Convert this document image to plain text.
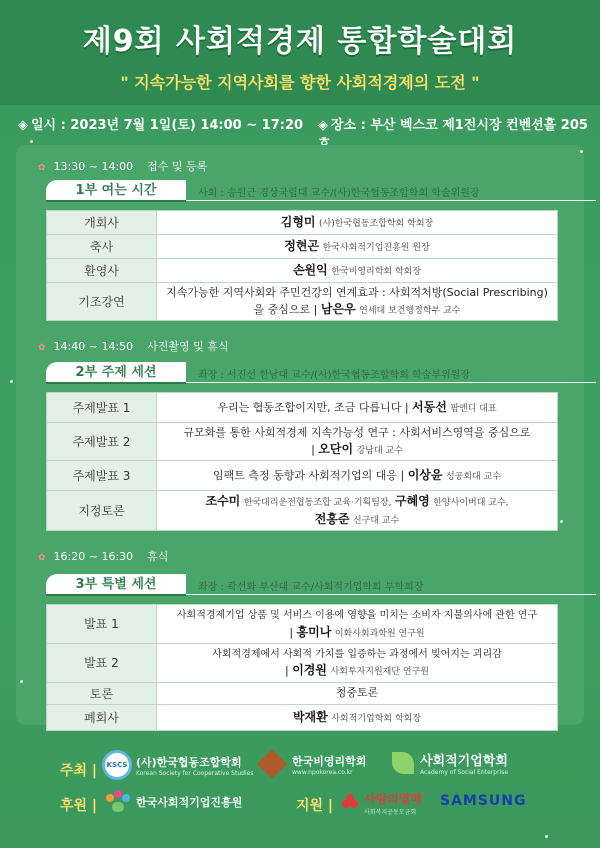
제9회 사회적경제 통합학술대회
" 지속가능한 지역사회를 향한 사회적경제의 도전 "
◈ 일시 : 2023년 7월 1일(토) 14:00 ~ 17:20 ◈ 장소 : 부산 벡스코 제1전시장 컨벤션홀 205
✿ 13:30 ~ 14:00 접수 및 등록
1부 여는 시간	사회 : 송원근 경상국립대 교수/(사)한국협동조합학회 학술위원장
개회사	김형미 (사)한국협동조합학회 학회장
축사	정현곤 한국사회적기업진흥원 원장
환영사	손원익 한국비영리학회 학회장
기조강연	지속가능한 지역사회와 주민건강의 연계효과 : 사회적처방(Social Prescribing)
을 중심으로 | 남은우 연세대 보건행정학부 교수
✿ 14:40 ~ 14:50 사진촬영 및 휴식
2부 주제 세션	좌장 : 서진선 한남대 교수/(사)한국협동조합학회 학술부위원장
주제발표 1	우리는 협동조합이지만, 조금 다릅니다 | 서동선 팜앤디 대표
주제발표 2	규모화를 통한 사회적경제 지속가능성 연구 : 사회서비스영역을 중심으로
| 오단이 강남대 교수
주제발표 3	임팩트 측정 동향과 사회적기업의 대응 | 이상윤 성공회대 교수
지정토론	조수미 한국대리운전협동조합 교육·기획팀장, 구혜영 한양사이버대 교수,
전홍준 신구대 교수
✿ 16:20 ~ 16:30 휴식
3부 특별 세션	좌장 : 곽선화 부산대 교수/사회적기업학회 부학회장
발표 1	사회적경제기업 상품 및 서비스 이용에 영향을 미치는 소비자 지불의사에 관한 연구
| 홍미나 이화사회과학원 연구원
발표 2	사회적경제에서 사회적 가치를 입증하는 과정에서 빚어지는 괴리감
| 이경원 사회투자지원재단 연구원
토론	청중토론
폐회사	박재환 사회적기업학회 학회장
주최 | KSCS (사)한국협동조합학회
Korean Society for Cooperative Studies
한국비영리학회
www.npokorea.co.kr
사회적기업학회
Academy of Social Enterprise
후원 |	한국사회적기업진흥원	지원 |	사랑의열매
사회복지공동모금회
SAMSUNG
